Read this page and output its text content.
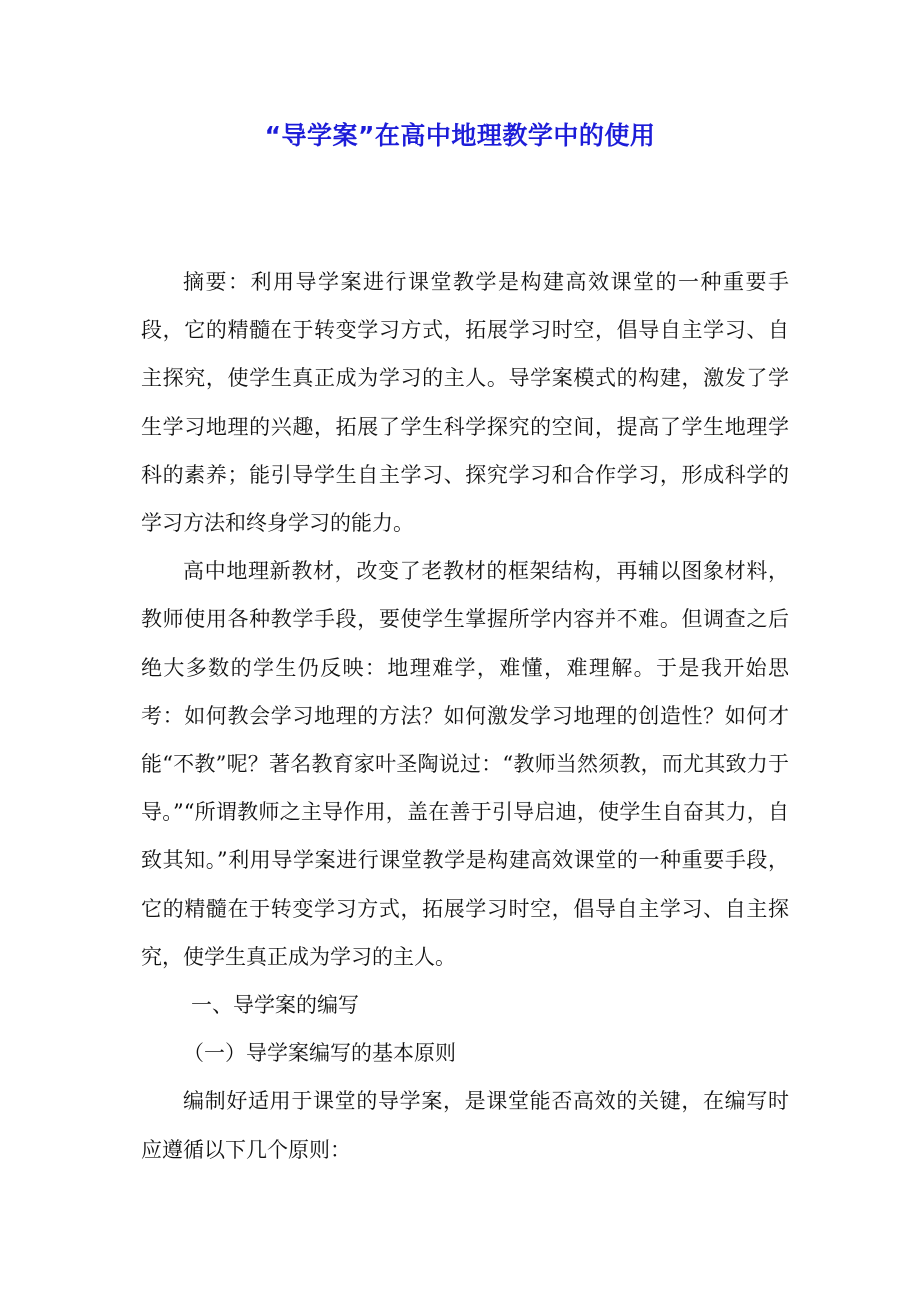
“导学案”在高中地理教学中的使用

摘要：利用导学案进行课堂教学是构建高效课堂的一种重要手段，它的精髓在于转变学习方式，拓展学习时空，倡导自主学习、自主探究，使学生真正成为学习的主人。导学案模式的构建，激发了学生学习地理的兴趣，拓展了学生科学探究的空间，提高了学生地理学科的素养；能引导学生自主学习、探究学习和合作学习，形成科学的学习方法和终身学习的能力。

高中地理新教材，改变了老教材的框架结构，再辅以图象材料，教师使用各种教学手段，要使学生掌握所学内容并不难。但调查之后绝大多数的学生仍反映：地理难学，难懂，难理解。于是我开始思考：如何教会学习地理的方法？如何激发学习地理的创造性？如何才能“不教”呢？著名教育家叶圣陶说过：“教师当然须教，而尤其致力于导。”“所谓教师之主导作用，盖在善于引导启迪，使学生自奋其力，自致其知。”利用导学案进行课堂教学是构建高效课堂的一种重要手段，它的精髓在于转变学习方式，拓展学习时空，倡导自主学习、自主探究，使学生真正成为学习的主人。

一、导学案的编写

（一）导学案编写的基本原则

编制好适用于课堂的导学案，是课堂能否高效的关键，在编写时应遵循以下几个原则：
